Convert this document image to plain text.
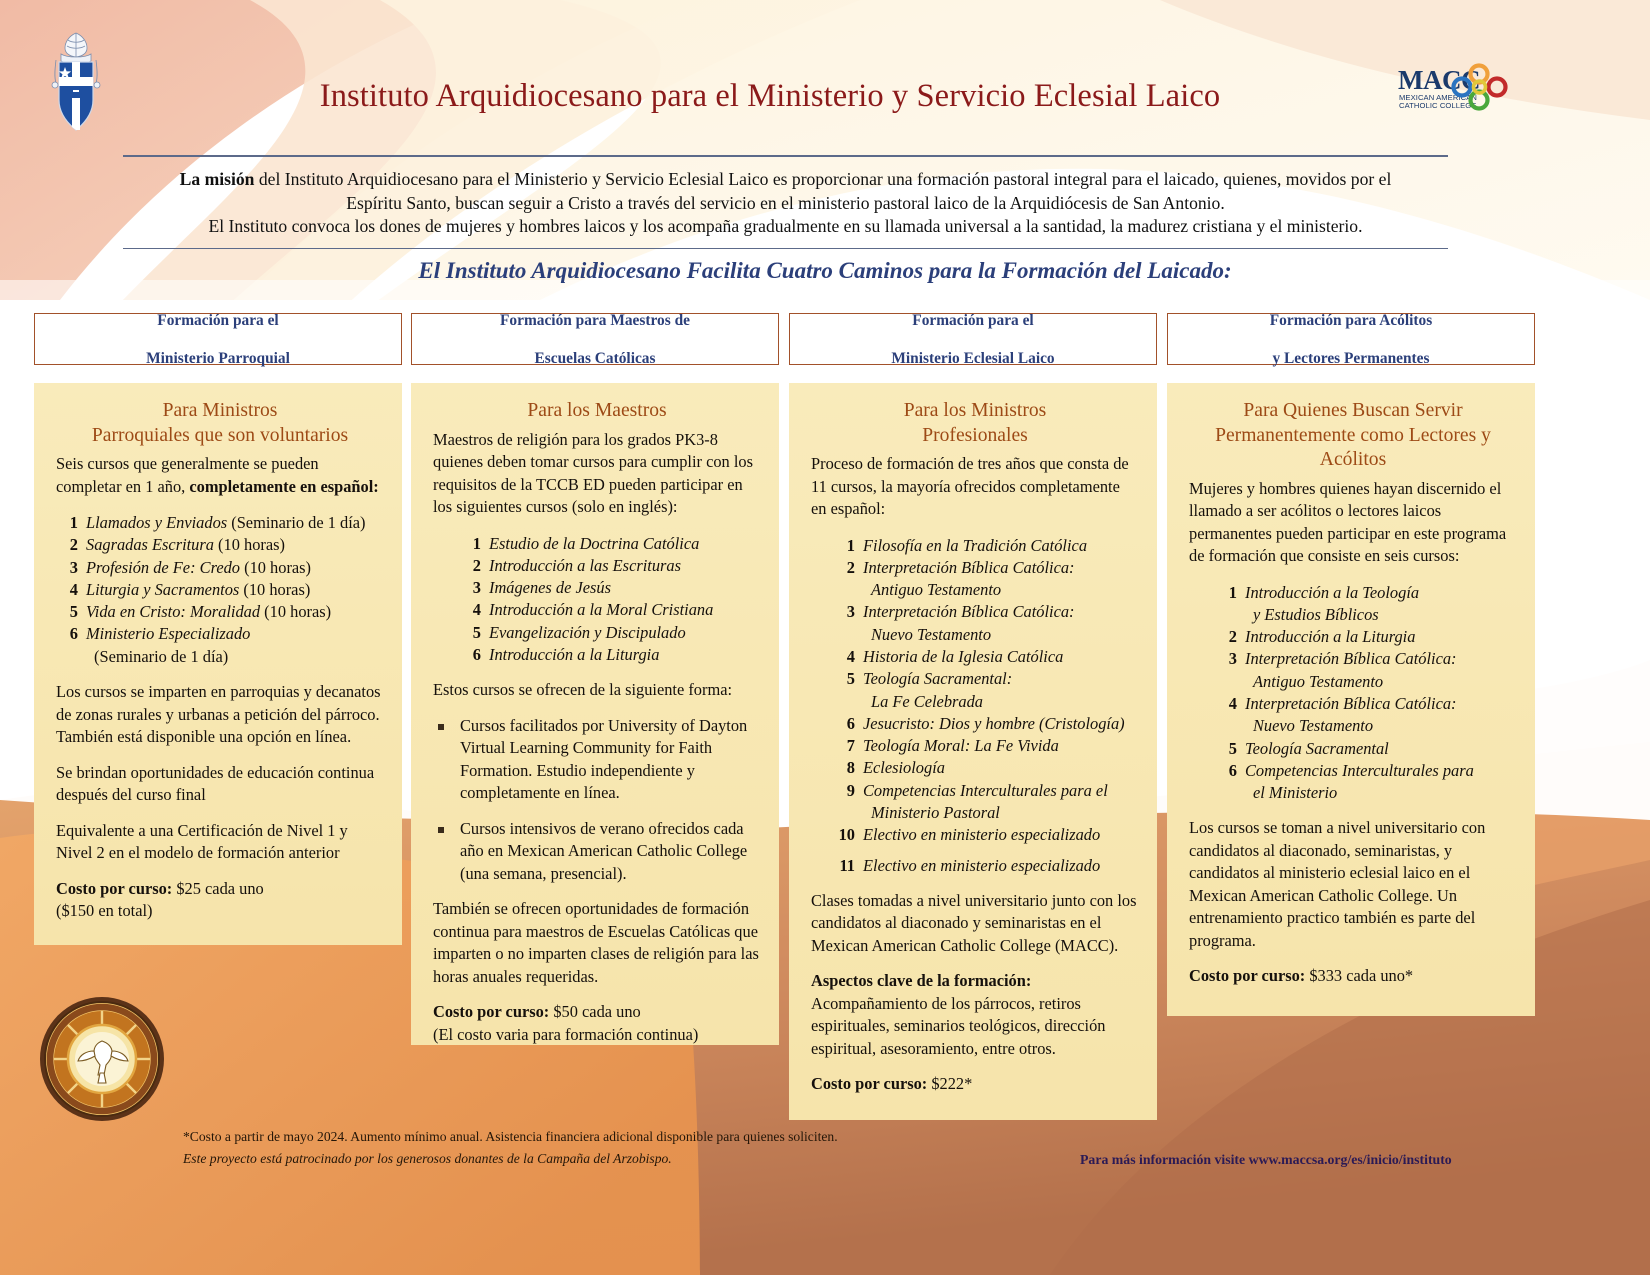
Instituto Arquidiocesano para el Ministerio y Servicio Eclesial Laico	MACC
MEXICAN AMERICAN
CATHOLIC COLLEGE
La misión del Instituto Arquidiocesano para el Ministerio y Servicio Eclesial Laico es proporcionar una formación pastoral integral para el laicado, quienes, movidos por el
Espíritu Santo, buscan seguir a Cristo a través del servicio en el ministerio pastoral laico de la Arquidiócesis de San Antonio.
El Instituto convoca los dones de mujeres y hombres laicos y los acompaña gradualmente en su llamada universal a la santidad, la madurez cristiana y el ministerio.
El Instituto Arquidiocesano Facilita Cuatro Caminos para la Formación del Laicado:
Formación para el

Ministerio Parroquial
Formación para Maestros de

Escuelas Católicas
Formación para el

Ministerio Eclesial Laico
Formación para Acólitos

y Lectores Permanentes
Para Ministros
Parroquiales que son voluntarios
Seis cursos que generalmente se pueden completar en 1 año, completamente en español:
1 Llamados y Enviados (Seminario de 1 día)
2 Sagradas Escritura (10 horas)
3 Profesión de Fe: Credo (10 horas)
4 Liturgia y Sacramentos (10 horas)
5 Vida en Cristo: Moralidad (10 horas)
6 Ministerio Especializado
(Seminario de 1 día)
Los cursos se imparten en parroquias y decanatos de zonas rurales y urbanas a petición del párroco. También está disponible una opción en línea.
Se brindan oportunidades de educación continua después del curso final
Equivalente a una Certificación de Nivel 1 y Nivel 2 en el modelo de formación anterior
Costo por curso: $25 cada uno
($150 en total)
Para los Maestros
Maestros de religión para los grados PK3-8 quienes deben tomar cursos para cumplir con los requisitos de la TCCB ED pueden participar en los siguientes cursos (solo en inglés):
1 Estudio de la Doctrina Católica
2 Introducción a las Escrituras
3 Imágenes de Jesús
4 Introducción a la Moral Cristiana
5 Evangelización y Discipulado
6 Introducción a la Liturgia
Estos cursos se ofrecen de la siguiente forma:
Cursos facilitados por University of Dayton Virtual Learning Community for Faith Formation. Estudio independiente y completamente en línea.
Cursos intensivos de verano ofrecidos cada año en Mexican American Catholic College (una semana, presencial).
También se ofrecen oportunidades de formación continua para maestros de Escuelas Católicas que imparten o no imparten clases de religión para las horas anuales requeridas.
Costo por curso: $50 cada uno
(El costo varia para formación continua)
Para los Ministros
Profesionales
Proceso de formación de tres años que consta de 11 cursos, la mayoría ofrecidos completamente en español:
1 Filosofía en la Tradición Católica
2 Interpretación Bíblica Católica:
Antiguo Testamento
3 Interpretación Bíblica Católica:
Nuevo Testamento
4 Historia de la Iglesia Católica
5 Teología Sacramental:
La Fe Celebrada
6 Jesucristo: Dios y hombre (Cristología)
7 Teología Moral: La Fe Vivida
8 Eclesiología
9 Competencias Interculturales para el
Ministerio Pastoral
10 Electivo en ministerio especializado
11 Electivo en ministerio especializado
Clases tomadas a nivel universitario junto con los candidatos al diaconado y seminaristas en el Mexican American Catholic College (MACC).
Aspectos clave de la formación:
Acompañamiento de los párrocos, retiros espirituales, seminarios teológicos, dirección espiritual, asesoramiento, entre otros.
Costo por curso: $222*
Para Quienes Buscan Servir
Permanentemente como Lectores y
Acólitos
Mujeres y hombres quienes hayan discernido el llamado a ser acólitos o lectores laicos permanentes pueden participar en este programa de formación que consiste en seis cursos:
1 Introducción a la Teología
y Estudios Bíblicos
2 Introducción a la Liturgia
3 Interpretación Bíblica Católica:
Antiguo Testamento
4 Interpretación Bíblica Católica:
Nuevo Testamento
5 Teología Sacramental
6 Competencias Interculturales para
el Ministerio
Los cursos se toman a nivel universitario con candidatos al diaconado, seminaristas, y candidatos al ministerio eclesial laico en el Mexican American Catholic College. Un entrenamiento practico también es parte del programa.
Costo por curso: $333 cada uno*
*Costo a partir de mayo 2024. Aumento mínimo anual. Asistencia financiera adicional disponible para quienes soliciten.
Este proyecto está patrocinado por los generosos donantes de la Campaña del Arzobispo.	Para más información visite www.maccsa.org/es/inicio/instituto
